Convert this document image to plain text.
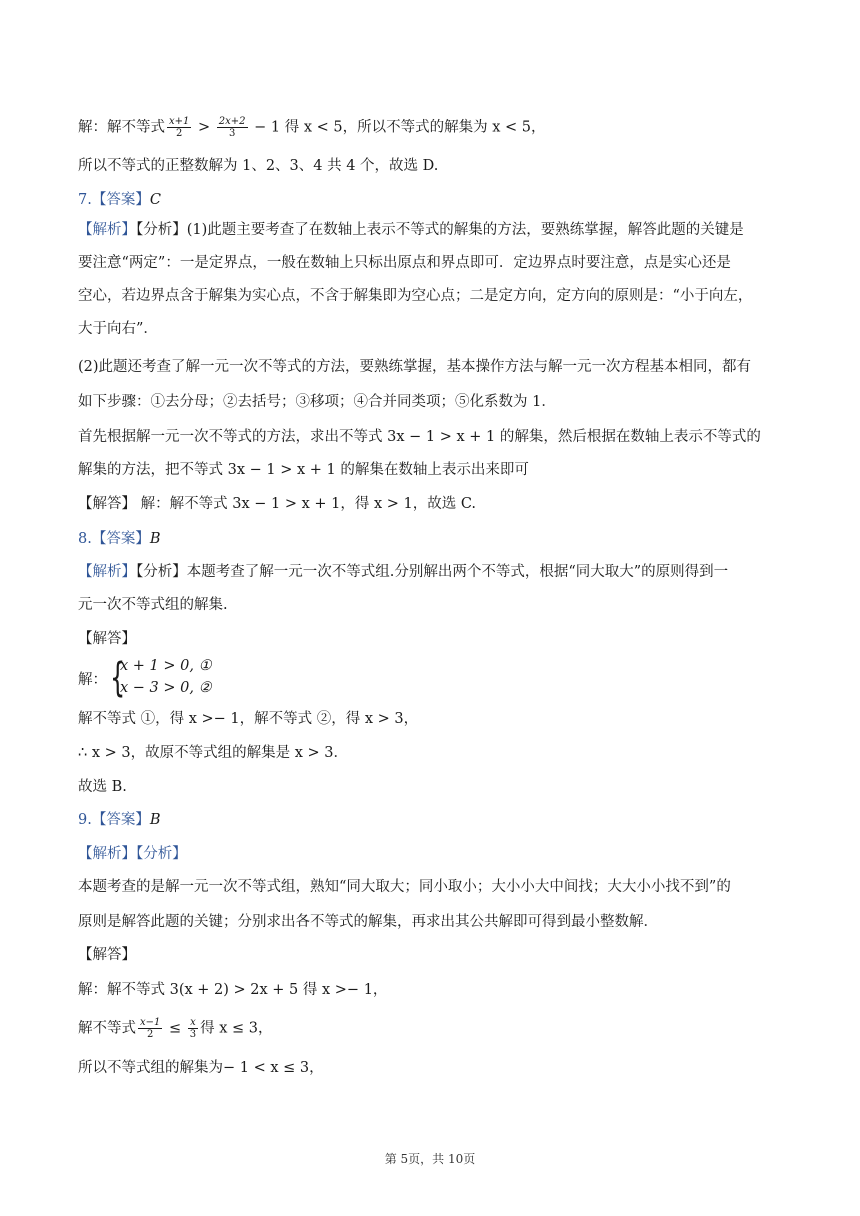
解：解不等式 $\frac{x+1}{2} > \frac{2x+2}{3} - 1$ 得 x < 5，所以不等式的解集为 x < 5，
所以不等式的正整数解为 1、2、3、4 共 4 个，故选 D.
7.【答案】C
【解析】【分析】(1)此题主要考查了在数轴上表示不等式的解集的方法，要熟练掌握，解答此题的关键是
要注意“两定”：一是定界点，一般在数轴上只标出原点和界点即可．定边界点时要注意，点是实心还是
空心，若边界点含于解集为实心点，不含于解集即为空心点；二是定方向，定方向的原则是：“小于向左，
大于向右”．
(2)此题还考查了解一元一次不等式的方法，要熟练掌握，基本操作方法与解一元一次方程基本相同，都有
如下步骤：①去分母；②去括号；③移项；④合并同类项；⑤化系数为 1．
首先根据解一元一次不等式的方法，求出不等式 3x − 1 > x + 1 的解集，然后根据在数轴上表示不等式的
解集的方法，把不等式 3x − 1 > x + 1 的解集在数轴上表示出来即可
【解答】 解：解不等式 3x − 1 > x + 1，得 x > 1，故选 C.
8.【答案】B
【解析】【分析】本题考查了解一元一次不等式组.分别解出两个不等式，根据“同大取大”的原则得到一
元一次不等式组的解集.
【解答】
解： {
x + 1 > 0, ①
x − 3 > 0, ②
解不等式 ①，得 x >− 1，解不等式 ②，得 x > 3，
∴ x > 3，故原不等式组的解集是 x > 3．
故选 B.
9.【答案】B
【解析】【分析】
本题考查的是解一元一次不等式组，熟知“同大取大；同小取小；大小小大中间找；大大小小找不到”的
原则是解答此题的关键；分别求出各不等式的解集，再求出其公共解即可得到最小整数解．
【解答】
解：解不等式 3(x + 2) > 2x + 5 得 x >− 1，
解不等式 $\frac{x-1}{2} \le \frac{x}{3}$ 得 x ≤ 3，
所以不等式组的解集为− 1 < x ≤ 3，
第 5页，共 10页
